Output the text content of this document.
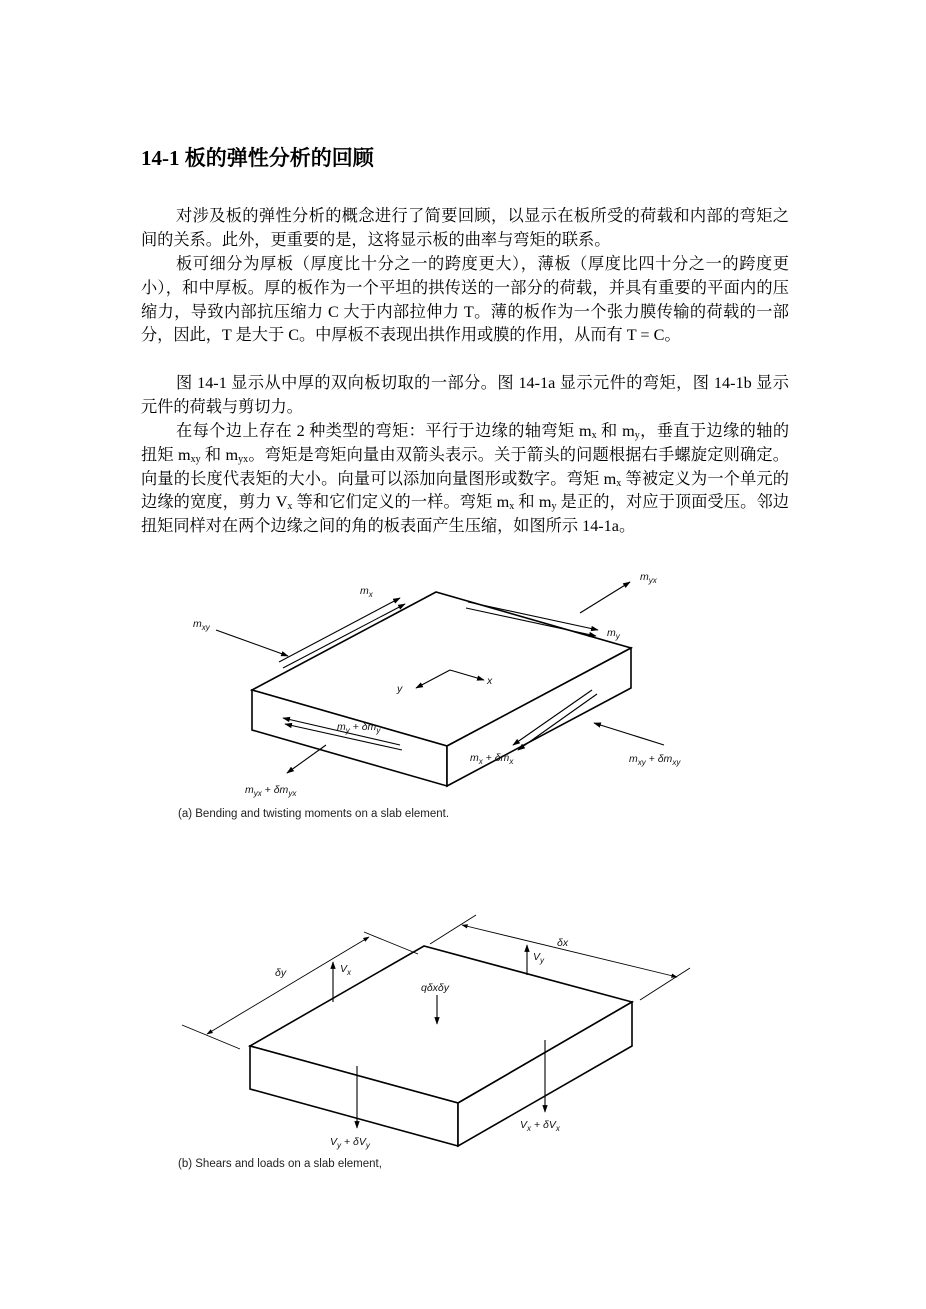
14-1 板的弹性分析的回顾

对涉及板的弹性分析的概念进行了简要回顾，以显示在板所受的荷载和内部的弯矩之间的关系。此外，更重要的是，这将显示板的曲率与弯矩的联系。

板可细分为厚板（厚度比十分之一的跨度更大），薄板（厚度比四十分之一的跨度更小），和中厚板。厚的板作为一个平坦的拱传送的一部分的荷载，并具有重要的平面内的压缩力，导致内部抗压缩力 C 大于内部拉伸力 T。薄的板作为一个张力膜传输的荷载的一部分，因此，T 是大于 C。中厚板不表现出拱作用或膜的作用，从而有 T = C。

图 14-1 显示从中厚的双向板切取的一部分。图 14-1a 显示元件的弯矩，图 14-1b 显示元件的荷载与剪切力。

在每个边上存在 2 种类型的弯矩：平行于边缘的轴弯矩 $m_x$ 和 $m_y$，垂直于边缘的轴的扭矩 $m_{xy}$ 和 $m_{yx}$。弯矩是弯矩向量由双箭头表示。关于箭头的问题根据右手螺旋定则确定。向量的长度代表矩的大小。向量可以添加向量图形或数字。弯矩 $m_x$ 等被定义为一个单元的边缘的宽度，剪力 $V_x$ 等和它们定义的一样。弯矩 $m_x$ 和 $m_y$ 是正的，对应于顶面受压。邻边扭矩同样对在两个边缘之间的角的板表面产生压缩，如图所示 14-1a。

$m_x$
$m_{yx}$
$m_{xy}$	$m_y$
y
x
$m_y + \delta m_y$
$m_x + \delta m_x$	$m_{xy} + \delta m_{xy}$
$m_{yx} + \delta m_{yx}$
(a) Bending and twisting moments on a slab element.
δy
δx
$V_x$
$V_y$
qδxδy
$V_y + \delta V_y$
$V_x + \delta V_x$
(b) Shears and loads on a slab element,
